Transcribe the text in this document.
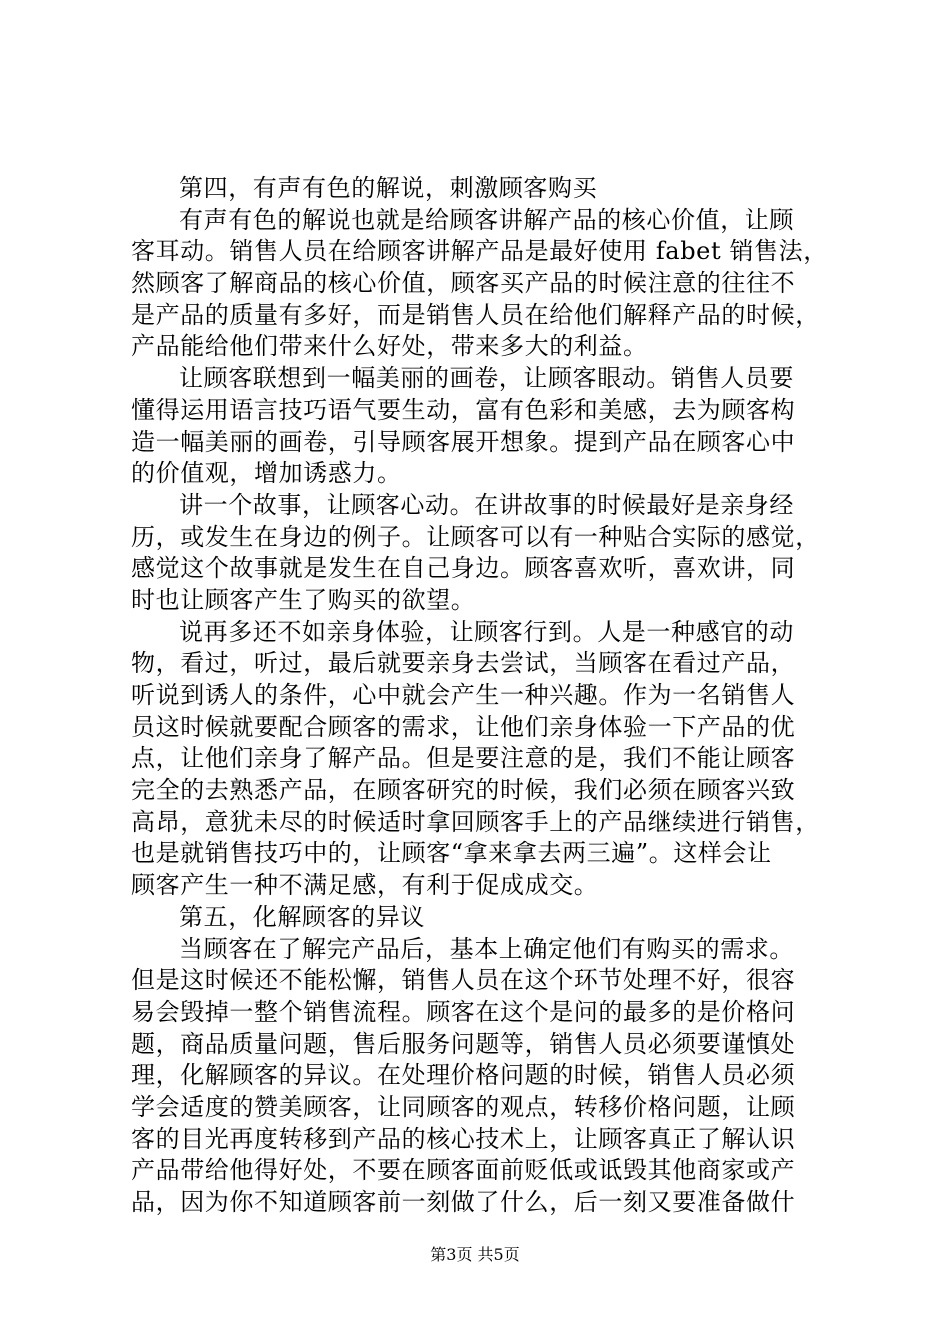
第四，有声有色的解说，刺激顾客购买
有声有色的解说也就是给顾客讲解产品的核心价值，让顾
客耳动。销售人员在给顾客讲解产品是最好使用 fabet 销售法，
然顾客了解商品的核心价值，顾客买产品的时候注意的往往不
是产品的质量有多好，而是销售人员在给他们解释产品的时候，
产品能给他们带来什么好处，带来多大的利益。
让顾客联想到一幅美丽的画卷，让顾客眼动。销售人员要
懂得运用语言技巧语气要生动，富有色彩和美感，去为顾客构
造一幅美丽的画卷，引导顾客展开想象。提到产品在顾客心中
的价值观，增加诱惑力。
讲一个故事，让顾客心动。在讲故事的时候最好是亲身经
历，或发生在身边的例子。让顾客可以有一种贴合实际的感觉，
感觉这个故事就是发生在自己身边。顾客喜欢听，喜欢讲，同
时也让顾客产生了购买的欲望。
说再多还不如亲身体验，让顾客行到。人是一种感官的动
物，看过，听过，最后就要亲身去尝试，当顾客在看过产品，
听说到诱人的条件，心中就会产生一种兴趣。作为一名销售人
员这时候就要配合顾客的需求，让他们亲身体验一下产品的优
点，让他们亲身了解产品。但是要注意的是，我们不能让顾客
完全的去熟悉产品，在顾客研究的时候，我们必须在顾客兴致
高昂，意犹未尽的时候适时拿回顾客手上的产品继续进行销售，
也是就销售技巧中的，让顾客“拿来拿去两三遍”。这样会让
顾客产生一种不满足感，有利于促成成交。
第五，化解顾客的异议
当顾客在了解完产品后，基本上确定他们有购买的需求。
但是这时候还不能松懈，销售人员在这个环节处理不好，很容
易会毁掉一整个销售流程。顾客在这个是问的最多的是价格问
题，商品质量问题，售后服务问题等，销售人员必须要谨慎处
理，化解顾客的异议。在处理价格问题的时候，销售人员必须
学会适度的赞美顾客，让同顾客的观点，转移价格问题，让顾
客的目光再度转移到产品的核心技术上，让顾客真正了解认识
产品带给他得好处，不要在顾客面前贬低或诋毁其他商家或产
品，因为你不知道顾客前一刻做了什么，后一刻又要准备做什
第3页 共5页
